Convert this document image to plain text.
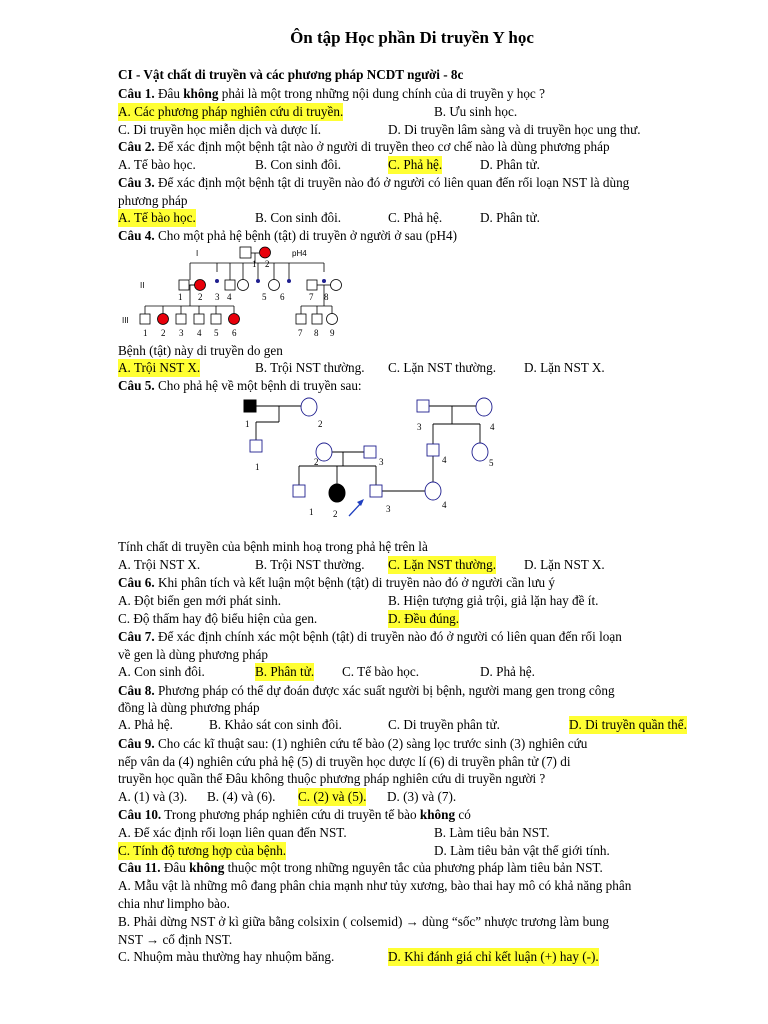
Ôn tập Học phần Di truyền Y học
CI - Vật chất di truyền và các phương pháp NCDT người - 8c
Câu 1. Đâu không phải là một trong những nội dung chính của di truyền y học ?
A. Các phương pháp nghiên cứu di truyền.	B. Ưu sinh học.
C. Di truyền học miễn dịch và dược lí.	D. Di truyền lâm sàng và di truyền học ung thư.
Câu 2. Để xác định một bệnh tật nào ở người di truyền theo cơ chế nào là dùng phương pháp
A. Tế bào học.	B. Con sinh đôi.	C. Phả hệ.	D. Phân tử.
Câu 3. Để xác định một bệnh tật di truyền nào đó ở người có liên quan đến rối loạn NST là dùng
phương pháp
A. Tế bào học.	B. Con sinh đôi.	C. Phả hệ.	D. Phân tử.
Câu 4. Cho một phả hệ bệnh (tật) di truyền ở người ở sau (pH4)
I
II
III
pH4
1 2
1 2 3 4	5 6	7 8
1 2 3 4 5 6	7 8 9
Bệnh (tật) này di truyền do gen
A. Trội NST X.	B. Trội NST thường. C. Lặn NST thường. D. Lặn NST X.
Câu 5. Cho phả hệ về một bệnh di truyền sau:
1	2
1
3	4
4	5
2	3
1 2	3	4
Tính chất di truyền của bệnh minh hoạ trong phả hệ trên là
A. Trội NST X.	B. Trội NST thường. C. Lặn NST thường. D. Lặn NST X.
Câu 6. Khi phân tích và kết luận một bệnh (tật) di truyền nào đó ở người cần lưu ý
A. Đột biến gen mới phát sinh.	B. Hiện tượng giả trội, giả lặn hay đề ít.
C. Độ thấm hay độ biểu hiện của gen.	D. Đều đúng.
Câu 7. Để xác định chính xác một bệnh (tật) di truyền nào đó ở người có liên quan đến rối loạn
về gen là dùng phương pháp
A. Con sinh đôi.	B. Phân tử. C. Tế bào học.	D. Phả hệ.
Câu 8. Phương pháp có thể dự đoán được xác suất người bị bệnh, người mang gen trong công
đồng là dùng phương pháp
A. Phả hệ.	B. Khảo sát con sinh đôi.	C. Di truyền phân tử.	D. Di truyền quần thể.
Câu 9. Cho các kĩ thuật sau: (1) nghiên cứu tế bào (2) sàng lọc trước sinh (3) nghiên cứu
nếp vân da (4) nghiên cứu phả hệ (5) di truyền học dược lí (6) di truyền phân tử (7) di
truyền học quần thể Đâu không thuộc phương pháp nghiên cứu di truyền người ?
A. (1) và (3). B. (4) và (6). C. (2) và (5). D. (3) và (7).
Câu 10. Trong phương pháp nghiên cứu di truyền tế bào không có
A. Để xác định rối loạn liên quan đến NST.	B. Làm tiêu bản NST.
C. Tính độ tương hợp của bệnh.	D. Làm tiêu bản vật thể giới tính.
Câu 11. Đâu không thuộc một trong những nguyên tắc của phương pháp làm tiêu bản NST.
A. Mẫu vật là những mô đang phân chia mạnh như tủy xương, bào thai hay mô có khả năng phân
chia như limpho bào.
B. Phải dừng NST ở kì giữa bằng colsixin ( colsemid) → dùng “sốc” nhược trương làm bung
NST → cố định NST.
C. Nhuộm màu thường hay nhuộm băng.	D. Khi đánh giá chỉ kết luận (+) hay (-).
